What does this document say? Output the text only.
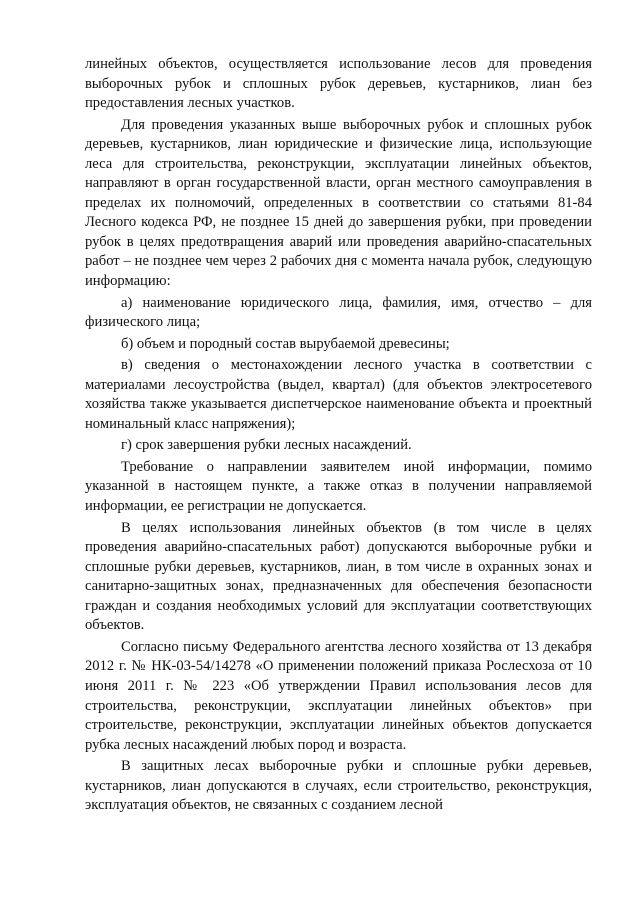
линейных объектов, осуществляется использование лесов для проведения выборочных рубок и сплошных рубок деревьев, кустарников, лиан без предоставления лесных участков.

Для проведения указанных выше выборочных рубок и сплошных рубок деревьев, кустарников, лиан юридические и физические лица, использующие леса для строительства, реконструкции, эксплуатации линейных объектов, направляют в орган государственной власти, орган местного самоуправления в пределах их полномочий, определенных в соответствии со статьями 81-84 Лесного кодекса РФ, не позднее 15 дней до завершения рубки, при проведении рубок в целях предотвращения аварий или проведения аварийно-спасательных работ – не позднее чем через 2 рабочих дня с момента начала рубок, следующую информацию:

а) наименование юридического лица, фамилия, имя, отчество – для физического лица;

б) объем и породный состав вырубаемой древесины;

в) сведения о местонахождении лесного участка в соответствии с материалами лесоустройства (выдел, квартал) (для объектов электросетевого хозяйства также указывается диспетчерское наименование объекта и проектный номинальный класс напряжения);

г) срок завершения рубки лесных насаждений.

Требование о направлении заявителем иной информации, помимо указанной в настоящем пункте, а также отказ в получении направляемой информации, ее регистрации не допускается.

В целях использования линейных объектов (в том числе в целях проведения аварийно-спасательных работ) допускаются выборочные рубки и сплошные рубки деревьев, кустарников, лиан, в том числе в охранных зонах и санитарно-защитных зонах, предназначенных для обеспечения безопасности граждан и создания необходимых условий для эксплуатации соответствующих объектов.

Согласно письму Федерального агентства лесного хозяйства от 13 декабря 2012 г. № НК-03-54/14278 «О применении положений приказа Рослесхоза от 10 июня 2011 г. № 223 «Об утверждении Правил использования лесов для строительства, реконструкции, эксплуатации линейных объектов» при строительстве, реконструкции, эксплуатации линейных объектов допускается рубка лесных насаждений любых пород и возраста.

В защитных лесах выборочные рубки и сплошные рубки деревьев, кустарников, лиан допускаются в случаях, если строительство, реконструкция, эксплуатация объектов, не связанных с созданием лесной
